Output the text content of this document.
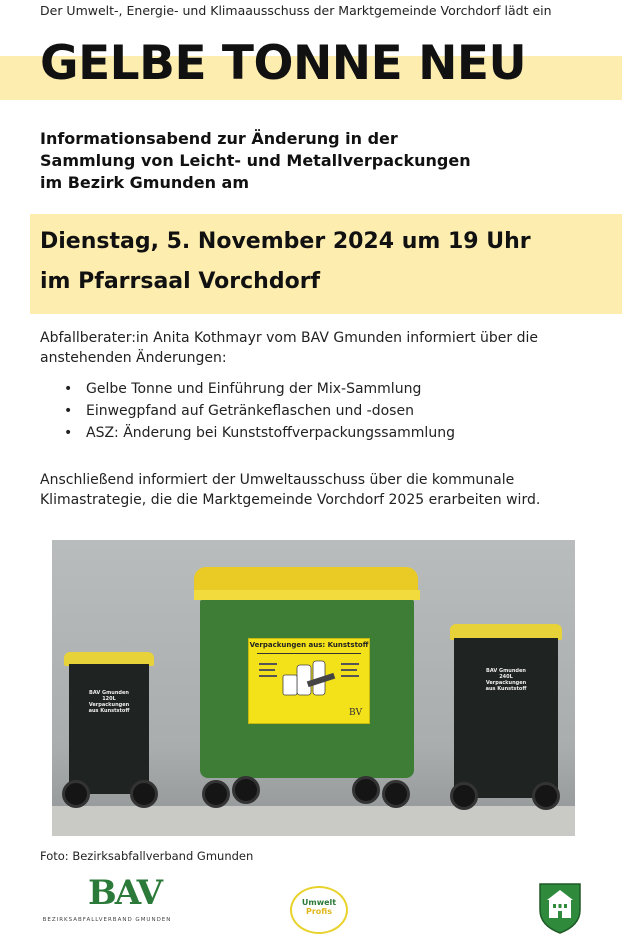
Der Umwelt-, Energie- und Klimaausschuss der Marktgemeinde Vorchdorf lädt ein
GELBE TONNE NEU
Informationsabend zur Änderung in der
Sammlung von Leicht- und Metallverpackungen
im Bezirk Gmunden am
Dienstag, 5. November 2024 um 19 Uhr
im Pfarrsaal Vorchdorf
Abfallberater:in Anita Kothmayr vom BAV Gmunden informiert über die
anstehenden Änderungen:
• Gelbe Tonne und Einführung der Mix-Sammlung
• Einwegpfand auf Getränkeflaschen und -dosen
• ASZ: Änderung bei Kunststoffverpackungssammlung
Anschließend informiert der Umweltausschuss über die kommunale
Klimastrategie, die die Marktgemeinde Vorchdorf 2025 erarbeiten wird.
BAV Gmunden
120L
Verpackungen
aus Kunststoff
Verpackungen aus: Kunststoff
BV
BAV Gmunden
240L
Verpackungen
aus Kunststoff
Foto: Bezirksabfallverband Gmunden
BAV
BEZIRKSABFALLVERBAND GMUNDEN
Umwelt
Profis
